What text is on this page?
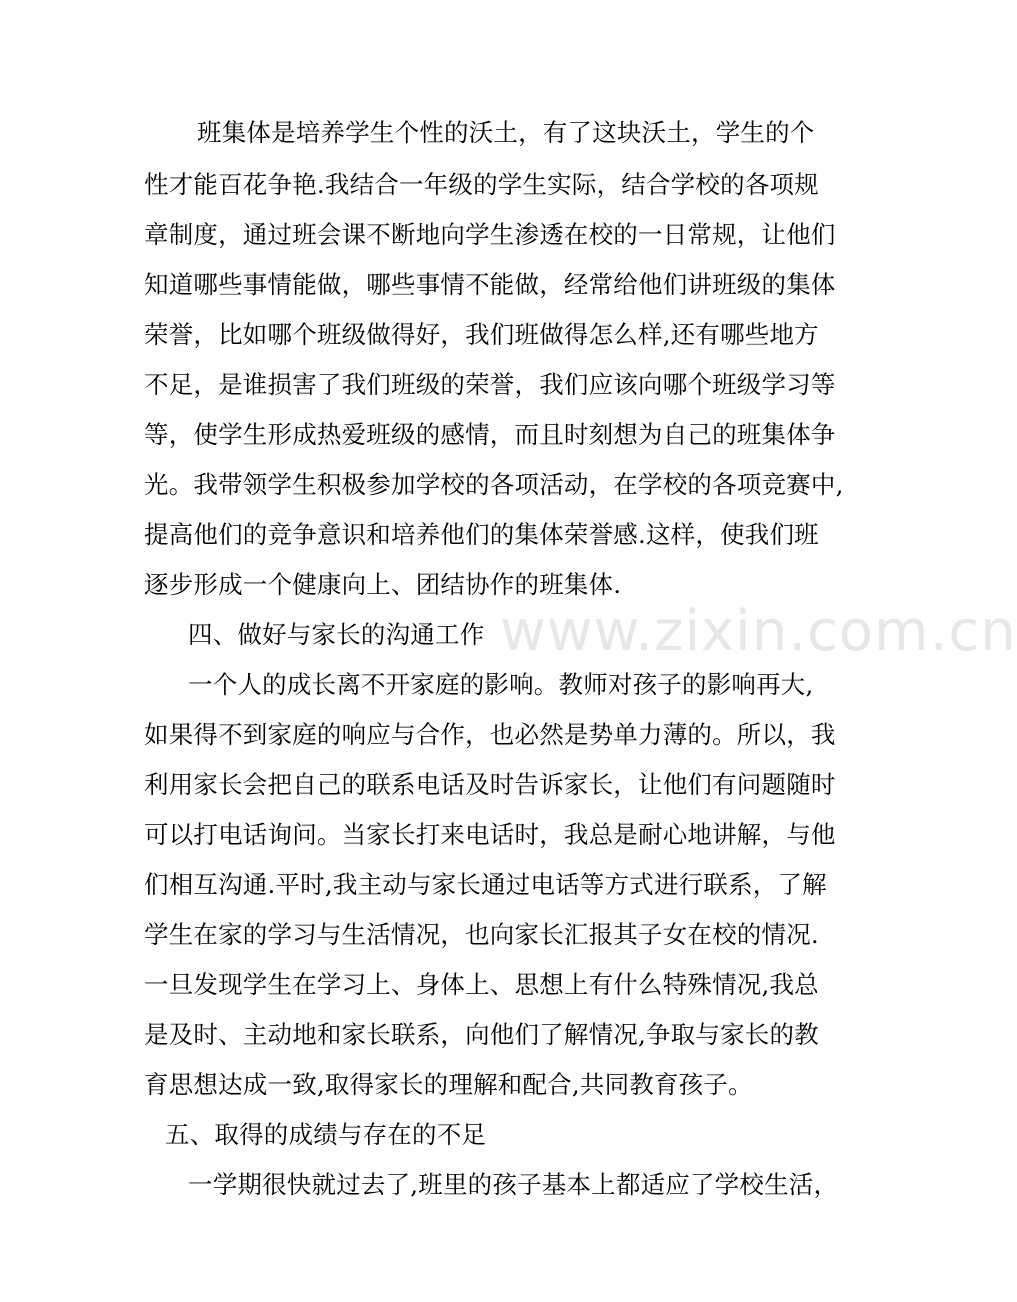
班集体是培养学生个性的沃土，有了这块沃土，学生的个
性才能百花争艳.我结合一年级的学生实际，结合学校的各项规
章制度，通过班会课不断地向学生渗透在校的一日常规，让他们
知道哪些事情能做，哪些事情不能做，经常给他们讲班级的集体
荣誉，比如哪个班级做得好，我们班做得怎么样,还有哪些地方
不足，是谁损害了我们班级的荣誉，我们应该向哪个班级学习等
等，使学生形成热爱班级的感情，而且时刻想为自己的班集体争
光。我带领学生积极参加学校的各项活动，在学校的各项竞赛中,
提高他们的竞争意识和培养他们的集体荣誉感.这样，使我们班
逐步形成一个健康向上、团结协作的班集体.
四、做好与家长的沟通工作
一个人的成长离不开家庭的影响。教师对孩子的影响再大,
如果得不到家庭的响应与合作，也必然是势单力薄的。所以，我
利用家长会把自己的联系电话及时告诉家长，让他们有问题随时
可以打电话询问。当家长打来电话时，我总是耐心地讲解，与他
们相互沟通.平时,我主动与家长通过电话等方式进行联系，了解
学生在家的学习与生活情况，也向家长汇报其子女在校的情况.
一旦发现学生在学习上、身体上、思想上有什么特殊情况,我总
是及时、主动地和家长联系，向他们了解情况,争取与家长的教
育思想达成一致,取得家长的理解和配合,共同教育孩子。
五、取得的成绩与存在的不足
一学期很快就过去了,班里的孩子基本上都适应了学校生活，
www.zixin.com.cn
